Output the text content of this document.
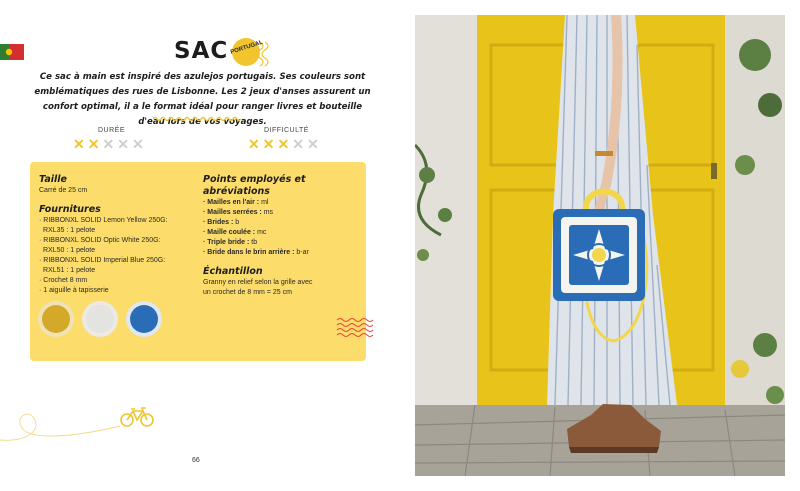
SAC PORTUGAL
Ce sac à main est inspiré des azulejos portugais. Ses couleurs sont emblématiques des rues de Lisbonne. Les 2 jeux d'anses assurent un confort optimal, il a le format idéal pour ranger livres et bouteille d'eau lors de vos voyages.
DURÉE
✕ ✕ ✕ ✕ ✕
DIFFICULTÉ
✕ ✕ ✕ ✕ ✕
Taille
Carré de 25 cm
Fournitures
· RIBBONXL SOLID Lemon Yellow 250G:
RXL35 : 1 pelote
· RIBBONXL SOLID Optic White 250G:
RXL50 : 1 pelote
· RIBBONXL SOLID Imperial Blue 250G:
RXL51 : 1 pelote
· Crochet 8 mm
· 1 aiguille à tapisserie
Points employés et abréviations
· Mailles en l'air : ml
· Mailles serrées : ms
· Brides : b
· Maille coulée : mc
· Triple bride : tb
· Bride dans le brin arrière : b-ar
Échantillon
Granny en relief selon la grille avec
un crochet de 8 mm = 25 cm
66
